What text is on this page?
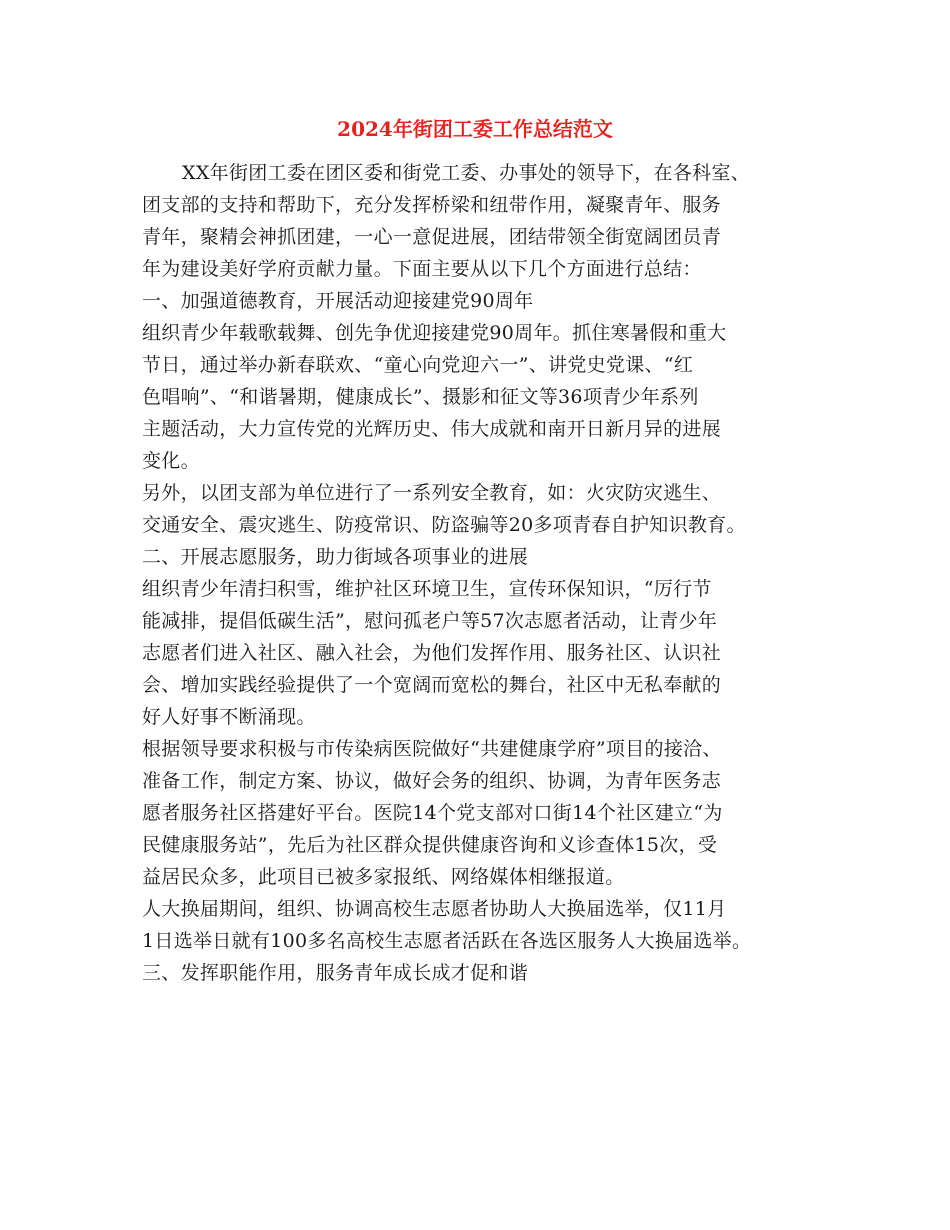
2024年街团工委工作总结范文
XX年街团工委在团区委和街党工委、办事处的领导下，在各科室、
团支部的支持和帮助下，充分发挥桥梁和纽带作用，凝聚青年、服务
青年，聚精会神抓团建，一心一意促进展，团结带领全街宽阔团员青
年为建设美好学府贡献力量。下面主要从以下几个方面进行总结：
一、加强道德教育，开展活动迎接建党90周年
组织青少年载歌载舞、创先争优迎接建党90周年。抓住寒暑假和重大
节日，通过举办新春联欢、“童心向党迎六一”、讲党史党课、“红
色唱响”、“和谐暑期，健康成长”、摄影和征文等36项青少年系列
主题活动，大力宣传党的光辉历史、伟大成就和南开日新月异的进展
变化。
另外，以团支部为单位进行了一系列安全教育，如：火灾防灾逃生、
交通安全、震灾逃生、防疫常识、防盗骗等20多项青春自护知识教育。
二、开展志愿服务，助力街域各项事业的进展
组织青少年清扫积雪，维护社区环境卫生，宣传环保知识，“厉行节
能减排，提倡低碳生活”，慰问孤老户等57次志愿者活动，让青少年
志愿者们进入社区、融入社会，为他们发挥作用、服务社区、认识社
会、增加实践经验提供了一个宽阔而宽松的舞台，社区中无私奉献的
好人好事不断涌现。
根据领导要求积极与市传染病医院做好“共建健康学府”项目的接洽、
准备工作，制定方案、协议，做好会务的组织、协调，为青年医务志
愿者服务社区搭建好平台。医院14个党支部对口街14个社区建立“为
民健康服务站”，先后为社区群众提供健康咨询和义诊查体15次，受
益居民众多，此项目已被多家报纸、网络媒体相继报道。
人大换届期间，组织、协调高校生志愿者协助人大换届选举，仅11月
1日选举日就有100多名高校生志愿者活跃在各选区服务人大换届选举。
三、发挥职能作用，服务青年成长成才促和谐
